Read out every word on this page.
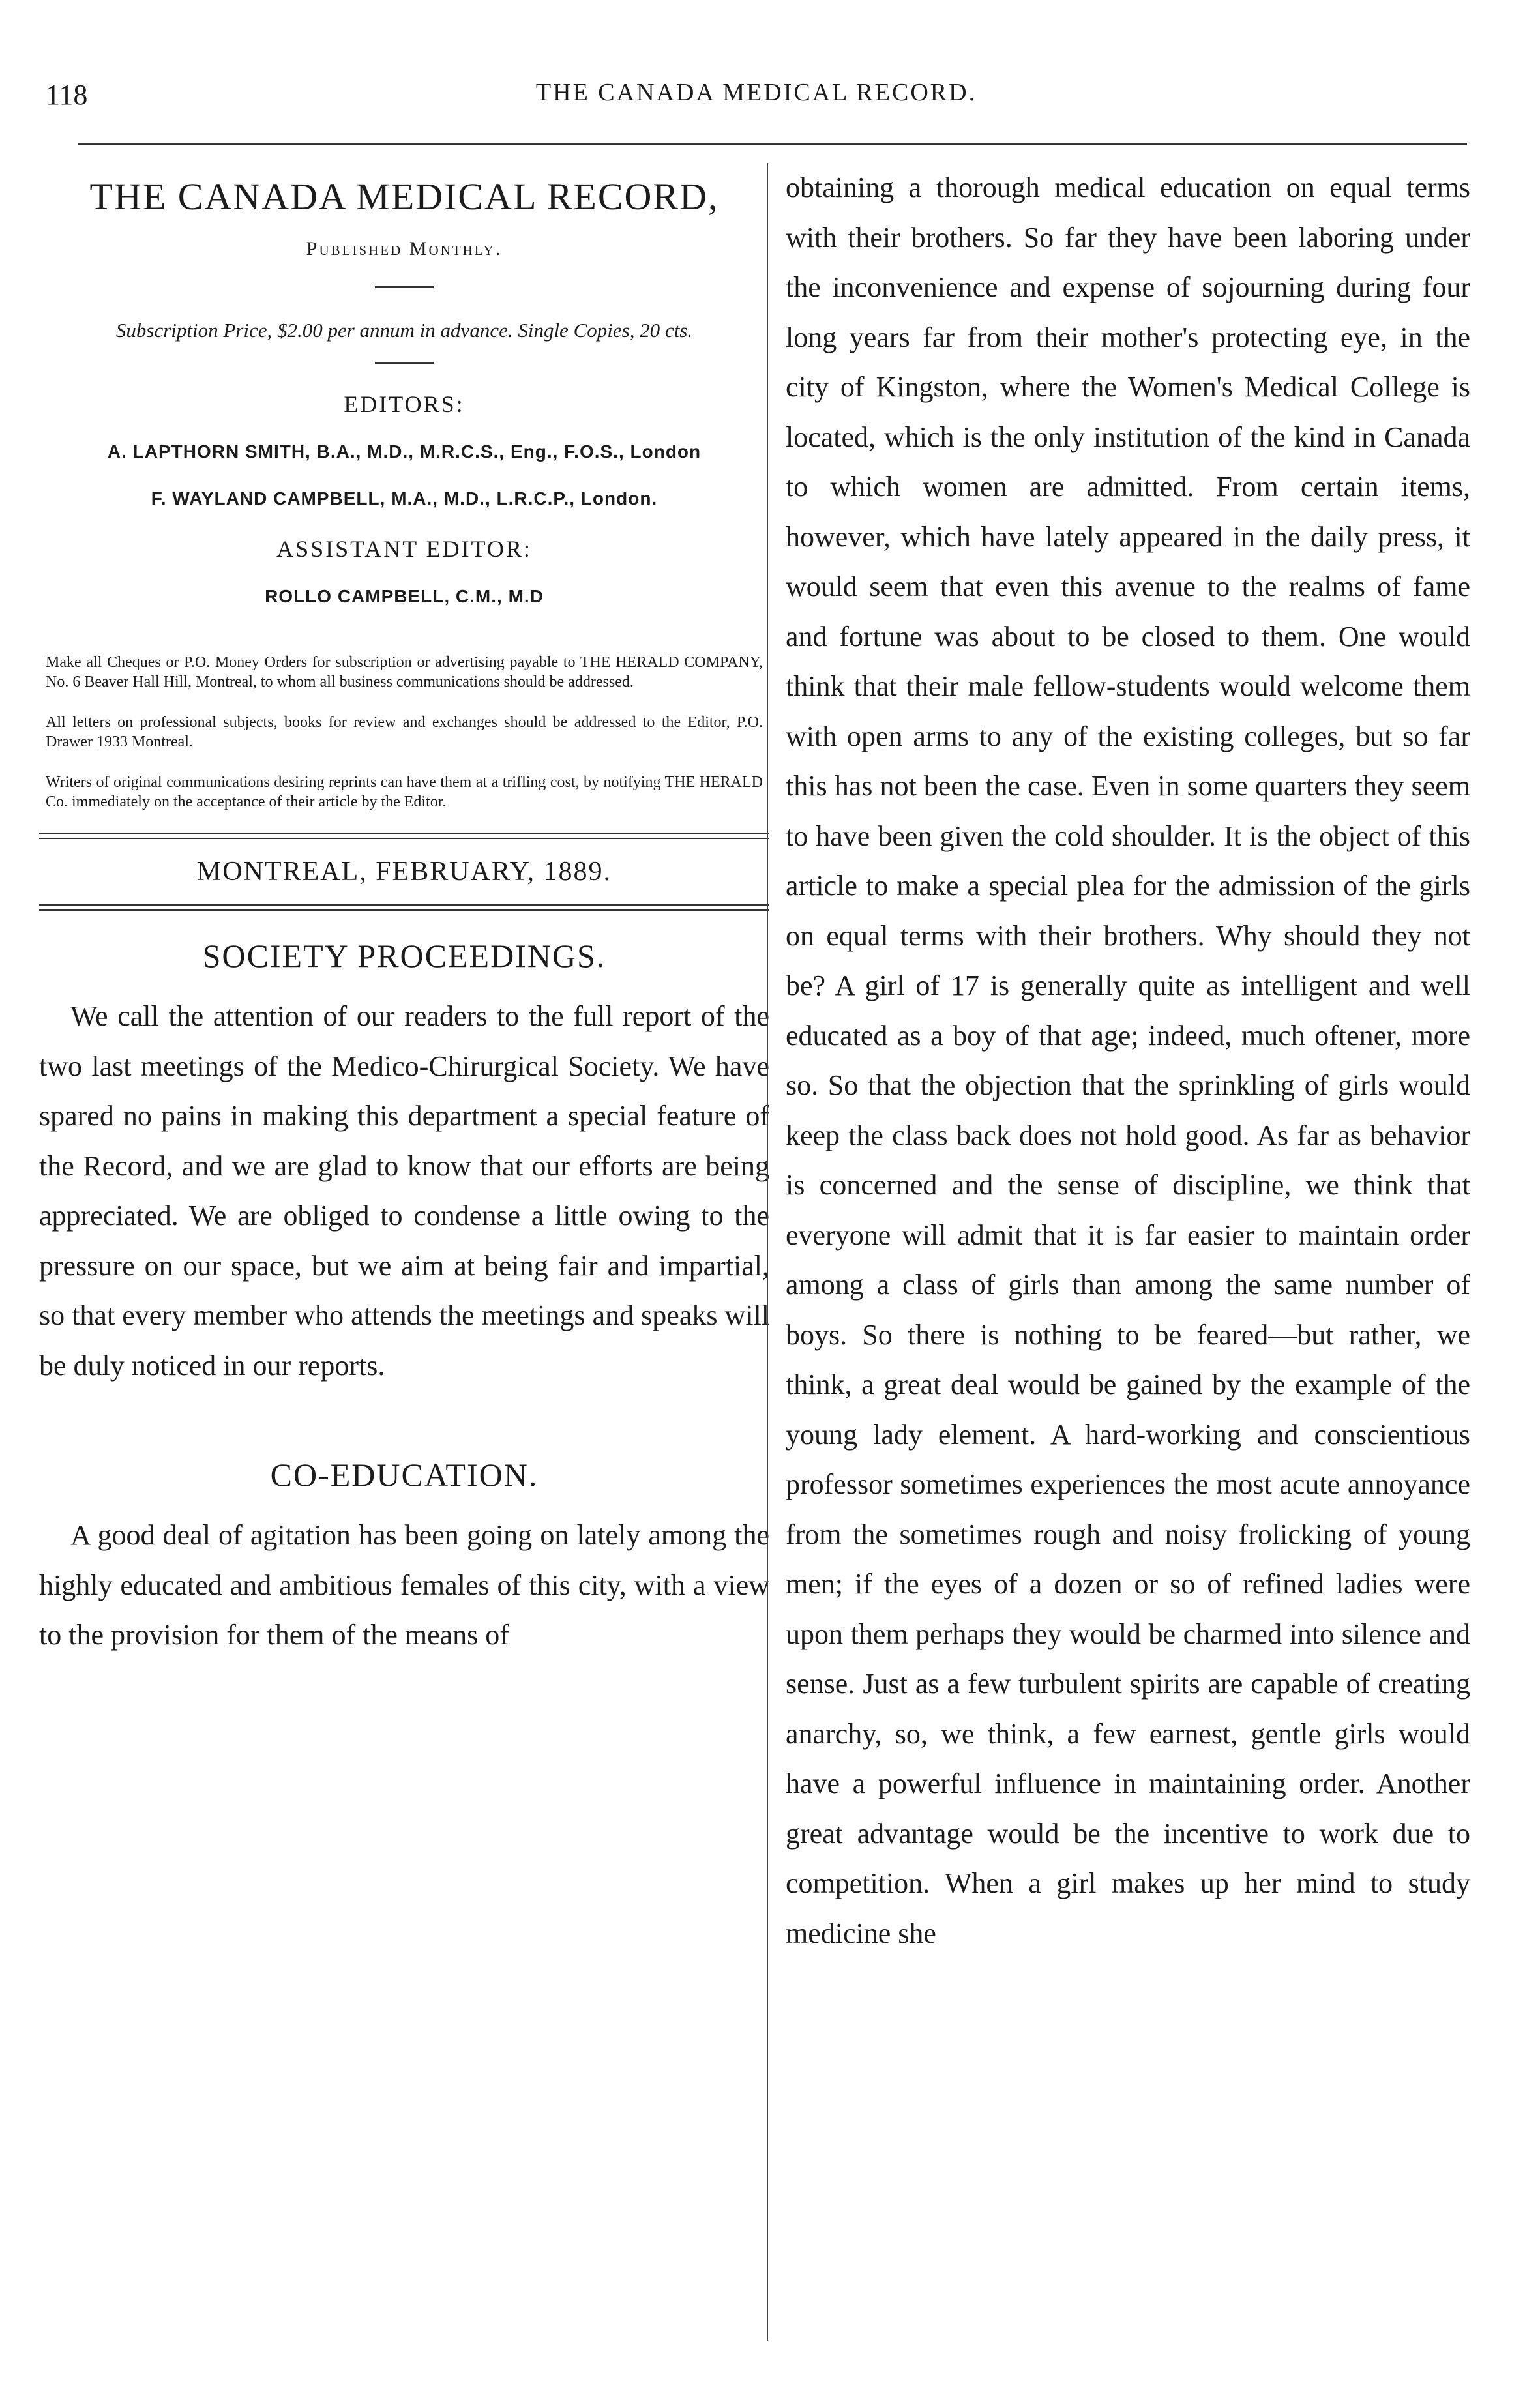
118	THE CANADA MEDICAL RECORD.
THE CANADA MEDICAL RECORD,
Published Monthly.
Subscription Price, $2.00 per annum in advance. Single Copies, 20 cts.
EDITORS:
A. LAPTHORN SMITH, B.A., M.D., M.R.C.S., Eng., F.O.S., London
F. WAYLAND CAMPBELL, M.A., M.D., L.R.C.P., London.
ASSISTANT EDITOR:
ROLLO CAMPBELL, C.M., M.D
Make all Cheques or P.O. Money Orders for subscription or advertising payable to THE HERALD COMPANY, No. 6 Beaver Hall Hill, Montreal, to whom all business communications should be addressed.
All letters on professional subjects, books for review and exchanges should be addressed to the Editor, P.O. Drawer 1933 Montreal.
Writers of original communications desiring reprints can have them at a trifling cost, by notifying THE HERALD Co. immediately on the acceptance of their article by the Editor.
MONTREAL, FEBRUARY, 1889.
SOCIETY PROCEEDINGS.

We call the attention of our readers to the full report of the two last meetings of the Medico-Chirurgical Society. We have spared no pains in making this department a special feature of the Record, and we are glad to know that our efforts are being appreciated. We are obliged to condense a little owing to the pressure on our space, but we aim at being fair and impartial, so that every member who attends the meetings and speaks will be duly noticed in our reports.

CO-EDUCATION.

A good deal of agitation has been going on lately among the highly educated and ambitious females of this city, with a view to the provision for them of the means of

obtaining a thorough medical education on equal terms with their brothers. So far they have been laboring under the inconvenience and expense of sojourning during four long years far from their mother's protecting eye, in the city of Kingston, where the Women's Medical College is located, which is the only institution of the kind in Canada to which women are admitted. From certain items, however, which have lately appeared in the daily press, it would seem that even this avenue to the realms of fame and fortune was about to be closed to them. One would think that their male fellow-students would welcome them with open arms to any of the existing colleges, but so far this has not been the case. Even in some quarters they seem to have been given the cold shoulder. It is the object of this article to make a special plea for the admission of the girls on equal terms with their brothers. Why should they not be? A girl of 17 is generally quite as intelligent and well educated as a boy of that age; indeed, much oftener, more so. So that the objection that the sprinkling of girls would keep the class back does not hold good. As far as behavior is concerned and the sense of discipline, we think that everyone will admit that it is far easier to maintain order among a class of girls than among the same number of boys. So there is nothing to be feared—but rather, we think, a great deal would be gained by the example of the young lady element. A hard-working and conscientious professor sometimes experiences the most acute annoyance from the sometimes rough and noisy frolicking of young men; if the eyes of a dozen or so of refined ladies were upon them perhaps they would be charmed into silence and sense. Just as a few turbulent spirits are capable of creating anarchy, so, we think, a few earnest, gentle girls would have a powerful influence in maintaining order. Another great advantage would be the incentive to work due to competition. When a girl makes up her mind to study medicine she
